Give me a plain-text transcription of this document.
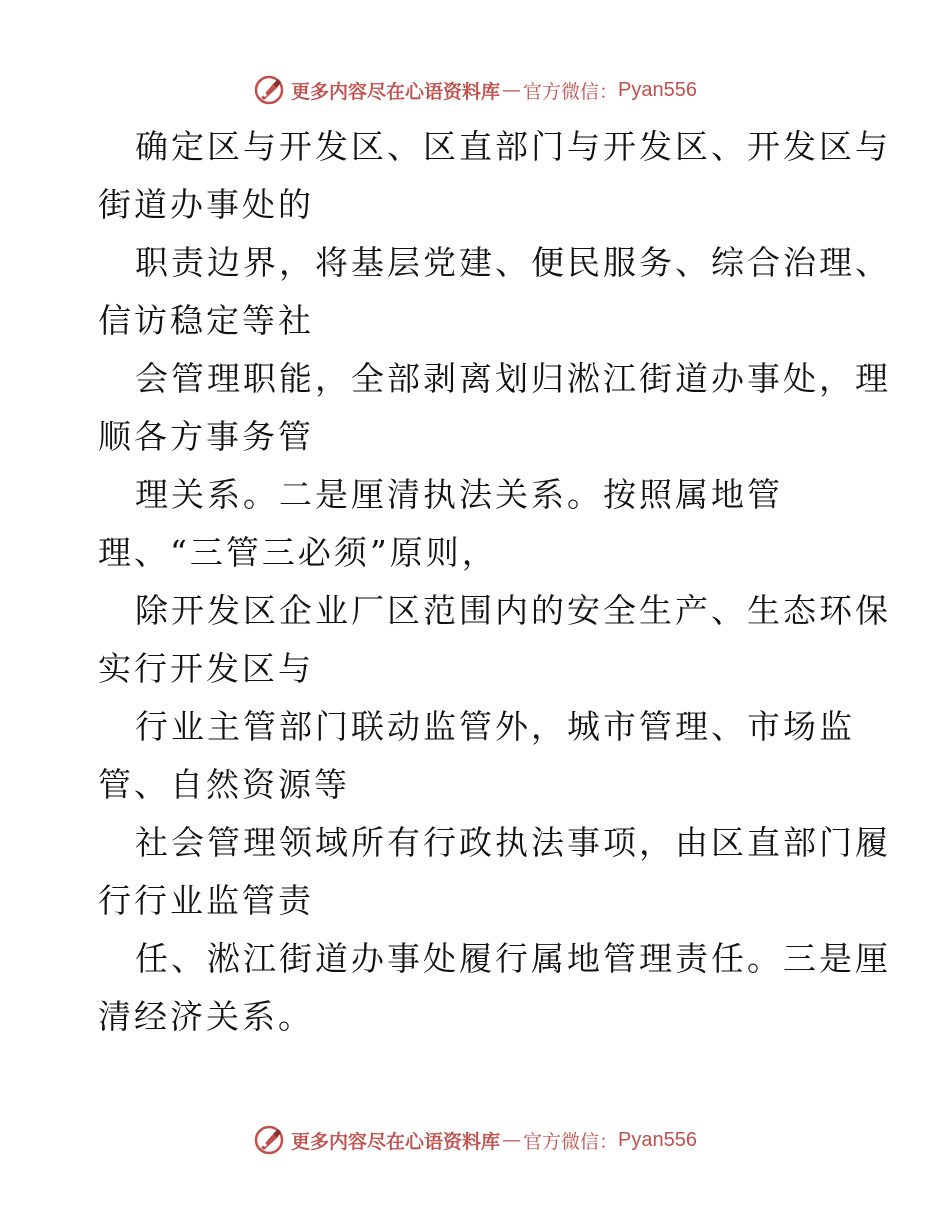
更多内容尽在心语资料库 — 官方微信： Pyan556
确定区与开发区、区直部门与开发区、开发区与
街道办事处的
职责边界，将基层党建、便民服务、综合治理、
信访稳定等社
会管理职能，全部剥离划归淞江街道办事处，理
顺各方事务管
理关系。二是厘清执法关系。按照属地管
理、“三管三必须”原则，
除开发区企业厂区范围内的安全生产、生态环保
实行开发区与
行业主管部门联动监管外，城市管理、市场监
管、自然资源等
社会管理领域所有行政执法事项，由区直部门履
行行业监管责
任、淞江街道办事处履行属地管理责任。三是厘
清经济关系。
更多内容尽在心语资料库 — 官方微信： Pyan556
